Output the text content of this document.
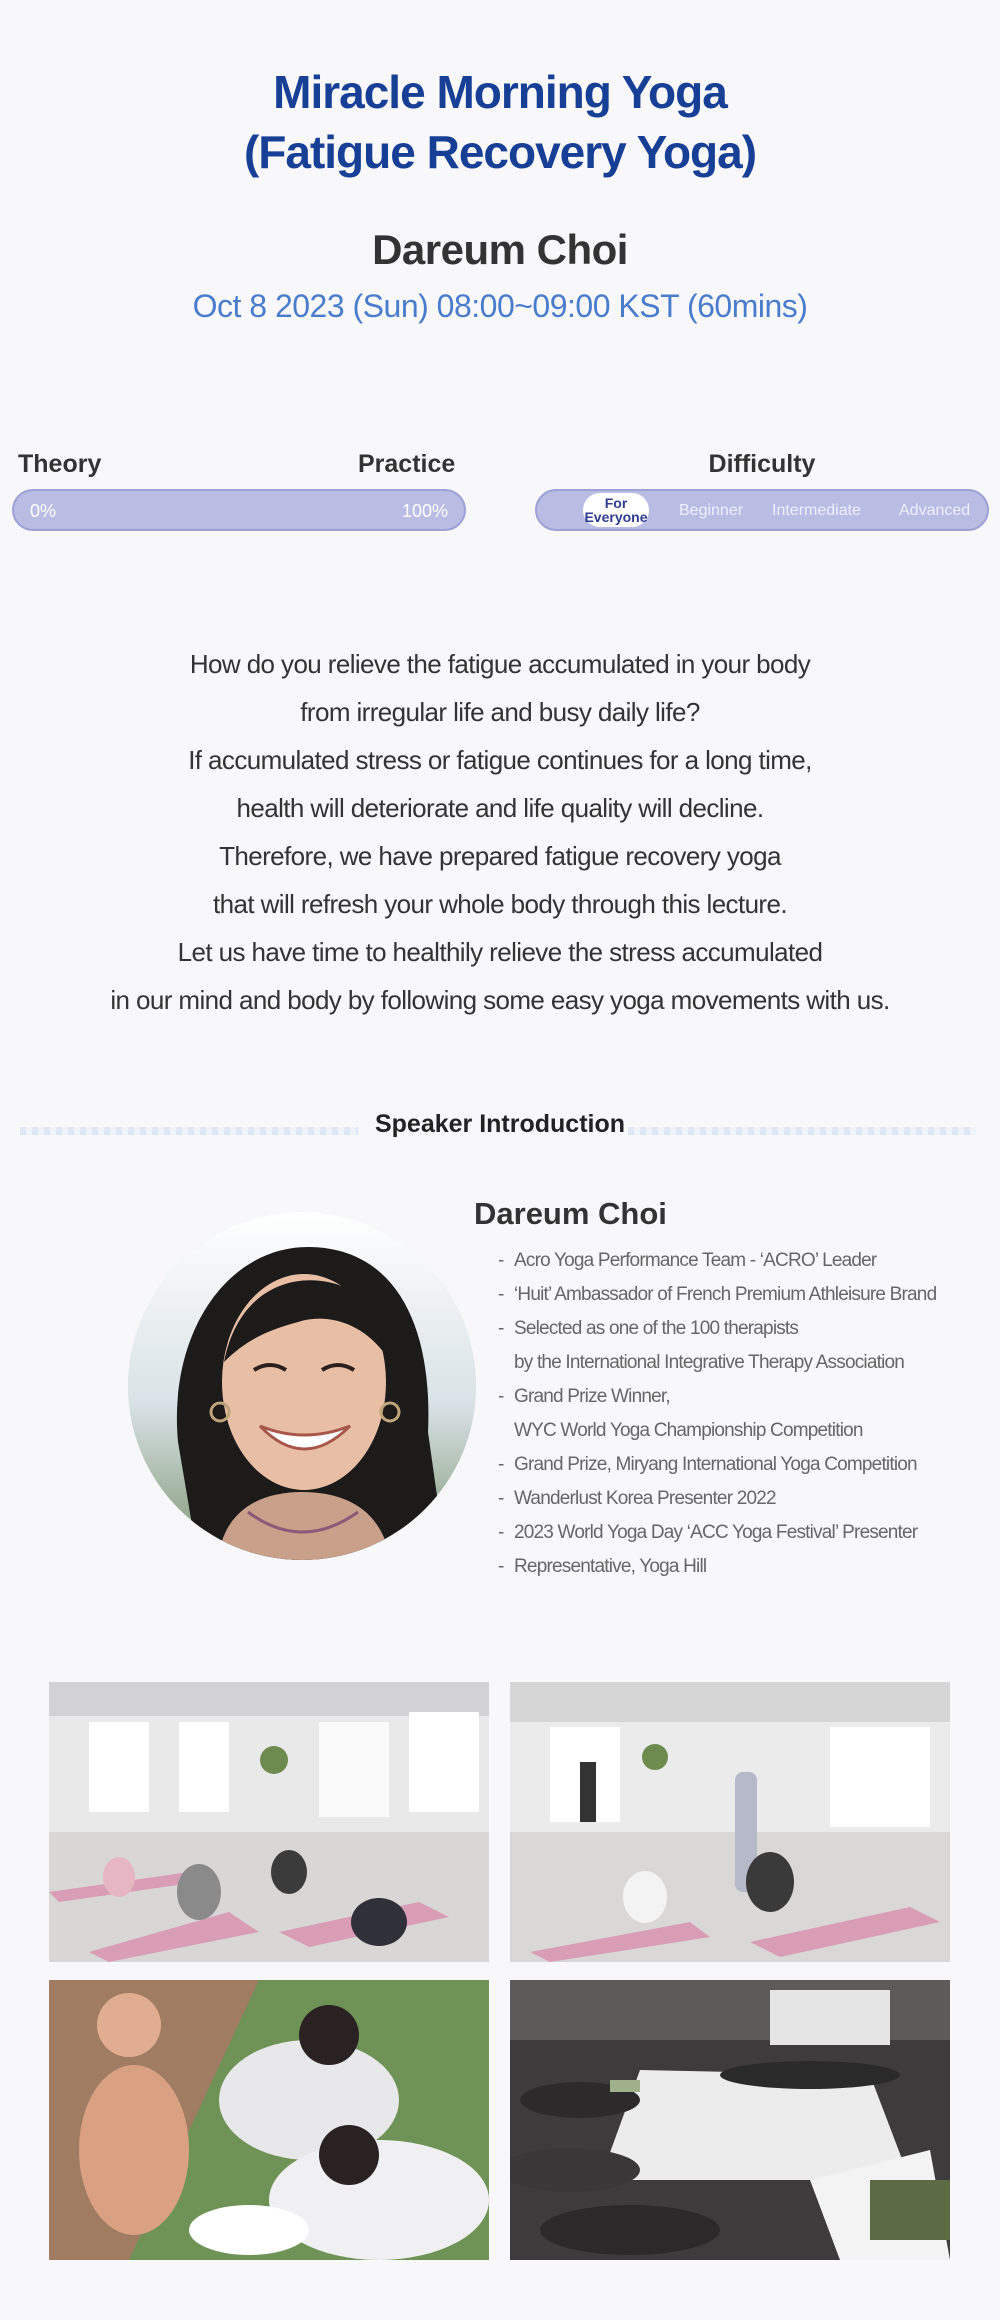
Miracle Morning Yoga
(Fatigue Recovery Yoga)
Dareum Choi
Oct 8 2023 (Sun) 08:00~09:00 KST (60mins)
Theory	Practice
0%	100%
Difficulty
For
Everyone Beginner Intermediate Advanced

How do you relieve the fatigue accumulated in your body

from irregular life and busy daily life?

If accumulated stress or fatigue continues for a long time,

health will deteriorate and life quality will decline.

Therefore, we have prepared fatigue recovery yoga

that will refresh your whole body through this lecture.

Let us have time to healthily relieve the stress accumulated

in our mind and body by following some easy yoga movements with us.

Speaker Introduction
Dareum Choi
- Acro Yoga Performance Team - ‘ACRO’ Leader
- ‘Huit’ Ambassador of French Premium Athleisure Brand
- Selected as one of the 100 therapists
by the International Integrative Therapy Association
- Grand Prize Winner,
WYC World Yoga Championship Competition
- Grand Prize, Miryang International Yoga Competition
- Wanderlust Korea Presenter 2022
- 2023 World Yoga Day ‘ACC Yoga Festival’ Presenter
- Representative, Yoga Hill
